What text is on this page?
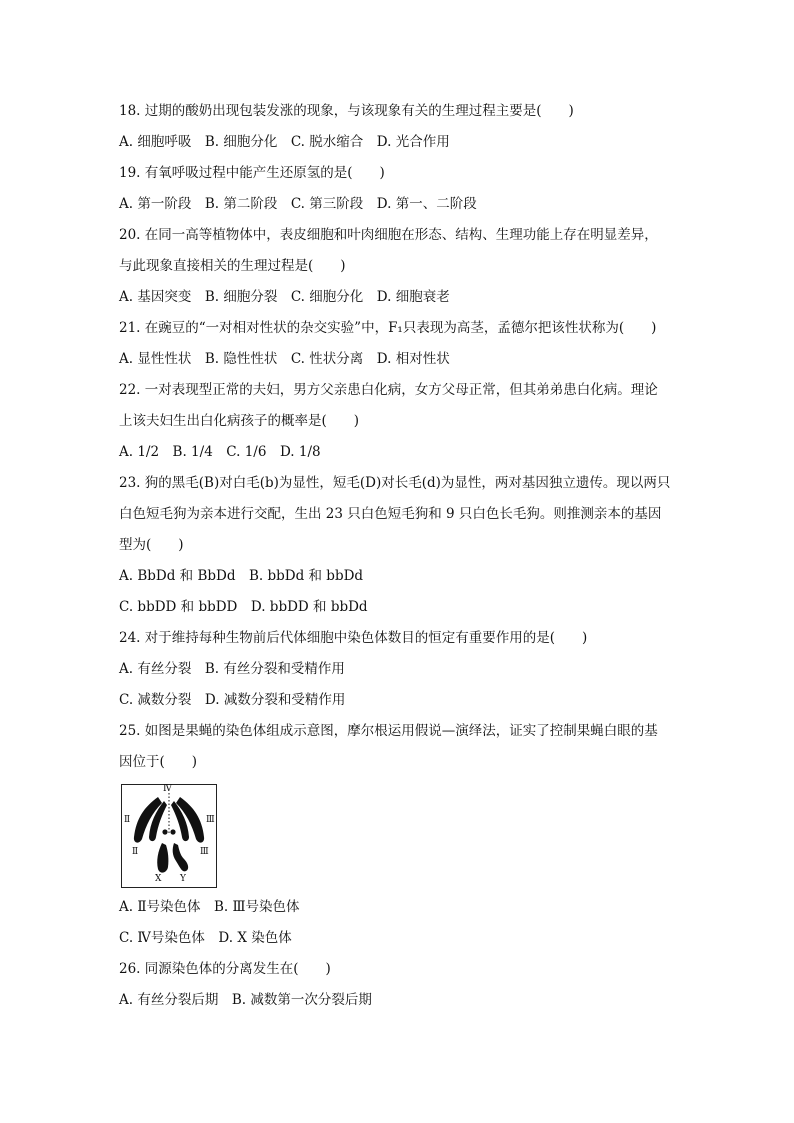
18. 过期的酸奶出现包装发涨的现象，与该现象有关的生理过程主要是(　　)
A. 细胞呼吸　B. 细胞分化　C. 脱水缩合　D. 光合作用
19. 有氧呼吸过程中能产生还原氢的是(　　)
A. 第一阶段　B. 第二阶段　C. 第三阶段　D. 第一、二阶段
20. 在同一高等植物体中，表皮细胞和叶肉细胞在形态、结构、生理功能上存在明显差异，
与此现象直接相关的生理过程是(　　)
A. 基因突变　B. 细胞分裂　C. 细胞分化　D. 细胞衰老
21. 在豌豆的“一对相对性状的杂交实验”中，F₁只表现为高茎，孟德尔把该性状称为(　　)
A. 显性性状　B. 隐性性状　C. 性状分离　D. 相对性状
22. 一对表现型正常的夫妇，男方父亲患白化病，女方父母正常，但其弟弟患白化病。理论
上该夫妇生出白化病孩子的概率是(　　)
A. 1/2　B. 1/4　C. 1/6　D. 1/8
23. 狗的黑毛(B)对白毛(b)为显性，短毛(D)对长毛(d)为显性，两对基因独立遗传。现以两只
白色短毛狗为亲本进行交配，生出 23 只白色短毛狗和 9 只白色长毛狗。则推测亲本的基因
型为(　　)
A. BbDd 和 BbDd　B. bbDd 和 bbDd
C. bbDD 和 bbDD　D. bbDD 和 bbDd
24. 对于维持每种生物前后代体细胞中染色体数目的恒定有重要作用的是(　　)
A. 有丝分裂　B. 有丝分裂和受精作用
C. 减数分裂　D. 减数分裂和受精作用
25. 如图是果蝇的染色体组成示意图，摩尔根运用假说—演绎法，证实了控制果蝇白眼的基
因位于(　　)
Ⅳ
Ⅱ	Ⅲ
Ⅱ	Ⅲ
X Y
A. Ⅱ号染色体　B. Ⅲ号染色体
C. Ⅳ号染色体　D. X 染色体
26. 同源染色体的分离发生在(　　)
A. 有丝分裂后期　B. 减数第一次分裂后期
